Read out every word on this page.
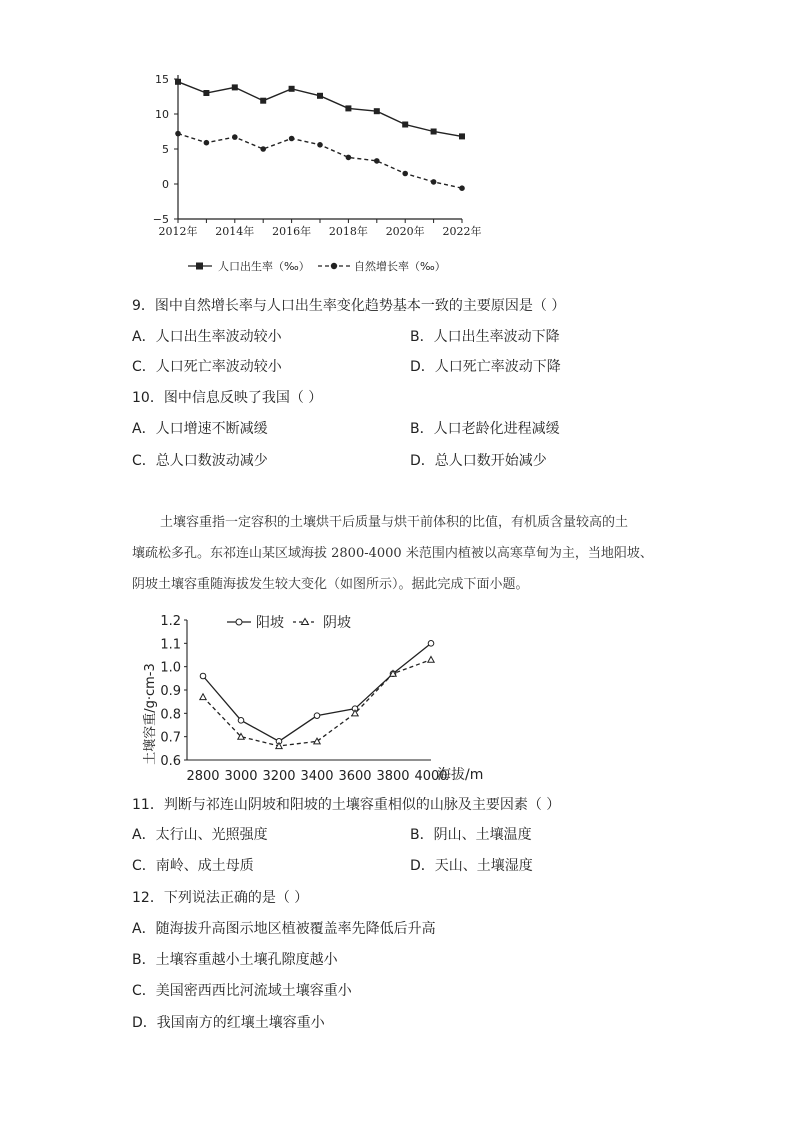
15
10
5
0
−5
2012年 2014年 2016年 2018年 2020年 2022年
人口出生率（‰）	自然增长率（‰）
9．图中自然增长率与人口出生率变化趋势基本一致的主要原因是（ ）
A．人口出生率波动较小	B．人口出生率波动下降
C．人口死亡率波动较小	D．人口死亡率波动下降
10．图中信息反映了我国（ ）
A．人口增速不断减缓	B．人口老龄化进程减缓
C．总人口数波动减少	D．总人口数开始减少
土壤容重指一定容积的土壤烘干后质量与烘干前体积的比值，有机质含量较高的土
壤疏松多孔。东祁连山某区域海拔 2800-4000 米范围内植被以高寒草甸为主，当地阳坡、
阴坡土壤容重随海拔发生较大变化（如图所示）。据此完成下面小题。
1.2
1.1
1.0
0.9
0.8
0.7
0.6
2800 3000 3200 3400 3600 3800 4000
阳坡	阴坡
土壤容重/g·cm-3
海拔/m
11．判断与祁连山阴坡和阳坡的土壤容重相似的山脉及主要因素（ ）
A．太行山、光照强度	B．阴山、土壤温度
C．南岭、成土母质	D．天山、土壤湿度
12．下列说法正确的是（ ）
A．随海拔升高图示地区植被覆盖率先降低后升高
B．土壤容重越小土壤孔隙度越小
C．美国密西西比河流域土壤容重小
D．我国南方的红壤土壤容重小
